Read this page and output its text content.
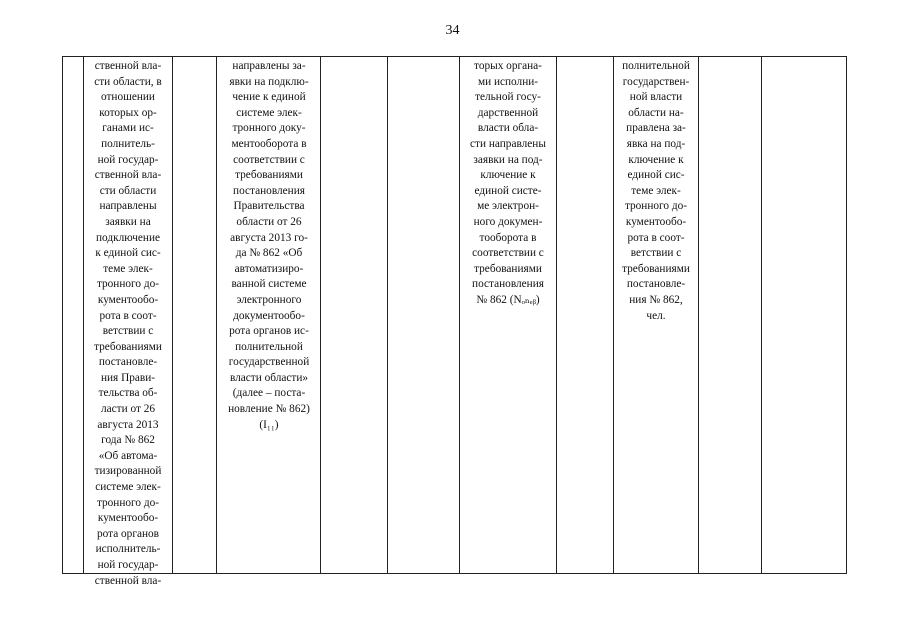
34
ственной вла-
сти области, в
отношении
которых ор-
ганами ис-
полнитель-
ной государ-
ственной вла-
сти области
направлены
заявки на
подключение
к единой сис-
теме элек-
тронного до-
кументообо-
рота в соот-
ветствии с
требованиями
постановле-
ния Прави-
тельства об-
ласти от 26
августа 2013
года № 862
«Об автома-
тизированной
системе элек-
тронного до-
кументообо-
рота органов
исполнитель-
ной государ-
ственной вла-
направлены за-
явки на подклю-
чение к единой
системе элек-
тронного доку-
ментооборота в
соответствии с
требованиями
постановления
Правительства
области от 26
августа 2013 го-
да № 862 «Об
автоматизиро-
ванной системе
электронного
документообо-
рота органов ис-
полнительной
государственной
власти области»
(далее – поста-
новление № 862)
(I₁₁)
торых органа-
ми исполни-
тельной госу-
дарственной
власти обла-
сти направлены
заявки на под-
ключение к
единой систе-
ме электрон-
ного докумен-
тооборота в
соответствии с
требованиями
постановления
№ 862 (Nₒₙₑᵦ)
полнительной
государствен-
ной власти
области на-
правлена за-
явка на под-
ключение к
единой сис-
теме элек-
тронного до-
кументообо-
рота в соот-
ветствии с
требованиями
постановле-
ния № 862,
чел.
